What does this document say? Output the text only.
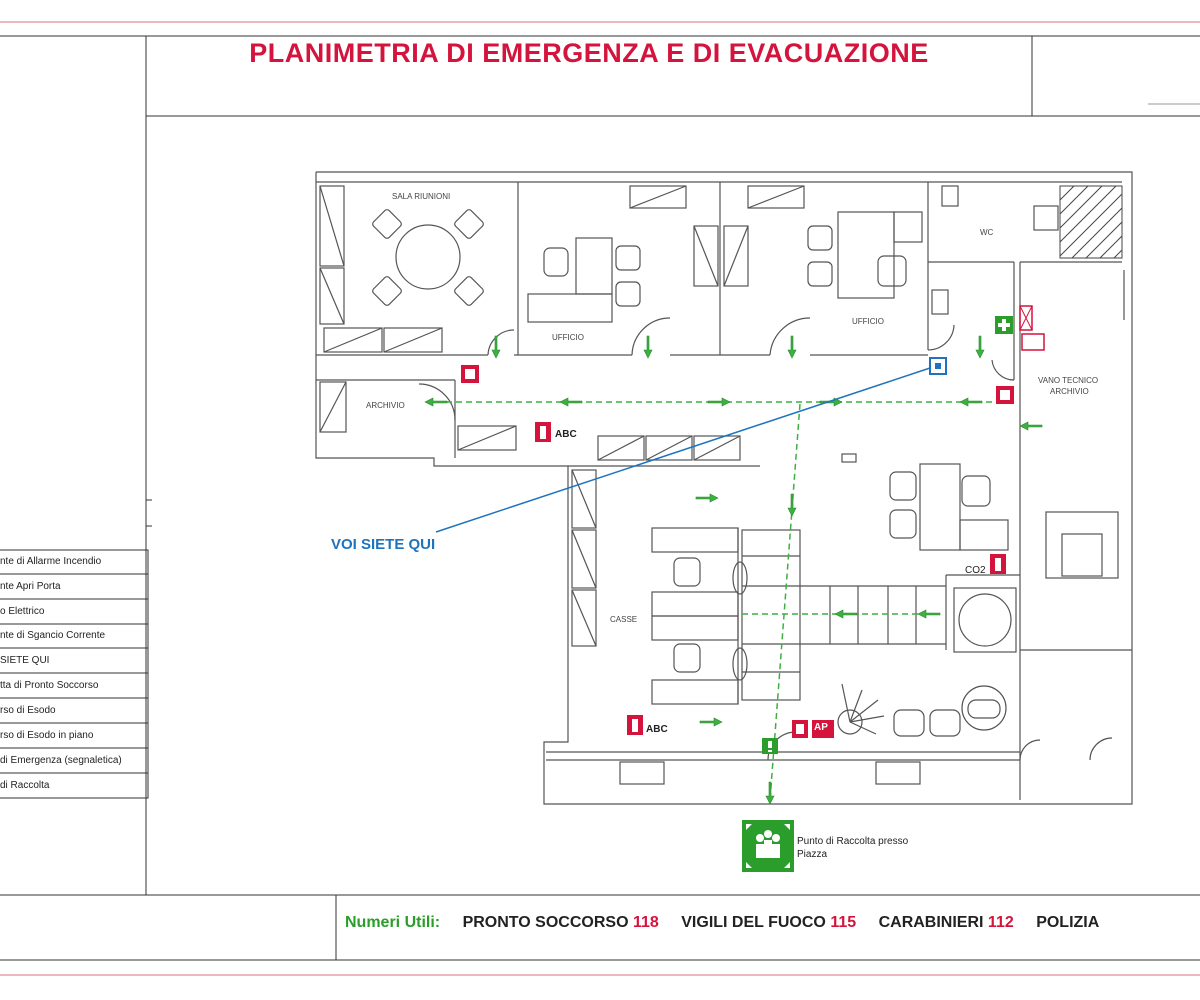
PLANIMETRIA DI EMERGENZA E DI EVACUAZIONE
nte di Allarme Incendio
nte Apri Porta
o Elettrico
nte di Sgancio Corrente
SIETE QUI
tta di Pronto Soccorso
rso di Esodo
rso di Esodo in piano
di Emergenza (segnaletica)
di Raccolta
SALA RIUNIONI
UFFICIO
UFFICIO
WC
ARCHIVIO
VANO TECNICO
ARCHIVIO
CASSE
ABC
ABC
CO2
AP
VOI SIETE QUI
Punto di Raccolta presso
Piazza
Numeri Utili: PRONTO SOCCORSO 118 VIGILI DEL FUOCO 115 CARABINIERI 112 POLIZIA
